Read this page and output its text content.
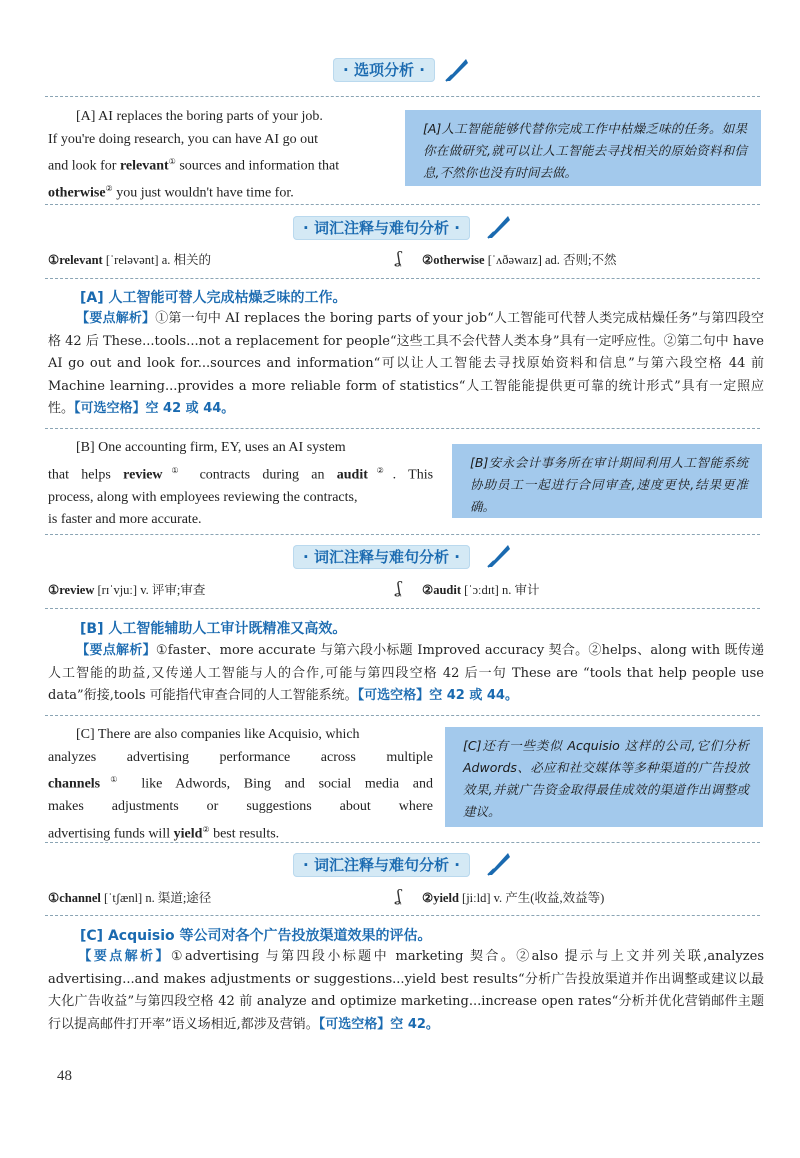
· 选项分析 ·
[A] AI replaces the boring parts of your job.
If you're doing research, you can have AI go out
and look for relevant① sources and information that
otherwise② you just wouldn't have time for.
[A]人工智能能够代替你完成工作中枯燥乏味的任务。如果你在做研究,就可以让人工智能去寻找相关的原始资料和信息,不然你也没有时间去做。
· 词汇注释与难句分析 ·
①relevant [ˈreləvənt] a. 相关的	ʆ ②otherwise [ˈʌðəwaɪz] ad. 否则;不然
[A] 人工智能可替人完成枯燥乏味的工作。
【要点解析】①第一句中 AI replaces the boring parts of your job“人工智能可代替人类完成枯燥任务”与第四段空格 42 后 These...tools...not a replacement for people“这些工具不会代替人类本身”具有一定呼应性。②第二句中 have AI go out and look for...sources and information“可以让人工智能去寻找原始资料和信息”与第六段空格 44 前 Machine learning...provides a more reliable form of statistics“人工智能能提供更可靠的统计形式”具有一定照应性。【可选空格】空 42 或 44。
[B] One accounting firm, EY, uses an AI system
that helps review① contracts during an audit②. This
process, along with employees reviewing the contracts,
is faster and more accurate.
[B]安永会计事务所在审计期间利用人工智能系统协助员工一起进行合同审查,速度更快,结果更准确。
· 词汇注释与难句分析 ·
①review [rɪˈvjuː] v. 评审;审查	ʆ ②audit [ˈɔːdɪt] n. 审计
[B] 人工智能辅助人工审计既精准又高效。
【要点解析】①faster、more accurate 与第六段小标题 Improved accuracy 契合。②helps、along with 既传递人工智能的助益,又传递人工智能与人的合作,可能与第四段空格 42 后一句 These are “tools that help people use data”衔接,tools 可能指代审查合同的人工智能系统。【可选空格】空 42 或 44。
[C] There are also companies like Acquisio, which
analyzes advertising performance across multiple
channels① like Adwords, Bing and social media and
makes adjustments or suggestions about where
advertising funds will yield② best results.
[C]还有一些类似 Acquisio 这样的公司,它们分析 Adwords、必应和社交媒体等多种渠道的广告投放效果,并就广告资金取得最佳成效的渠道作出调整或建议。
· 词汇注释与难句分析 ·
①channel [ˈtʃænl] n. 渠道;途径	ʆ ②yield [jiːld] v. 产生(收益,效益等)
[C] Acquisio 等公司对各个广告投放渠道效果的评估。
【要点解析】①advertising 与第四段小标题中 marketing 契合。②also 提示与上文并列关联,analyzes advertising...and makes adjustments or suggestions...yield best results“分析广告投放渠道并作出调整或建议以最大化广告收益”与第四段空格 42 前 analyze and optimize marketing...increase open rates“分析并优化营销邮件主题行以提高邮件打开率”语义场相近,都涉及营销。【可选空格】空 42。
48
